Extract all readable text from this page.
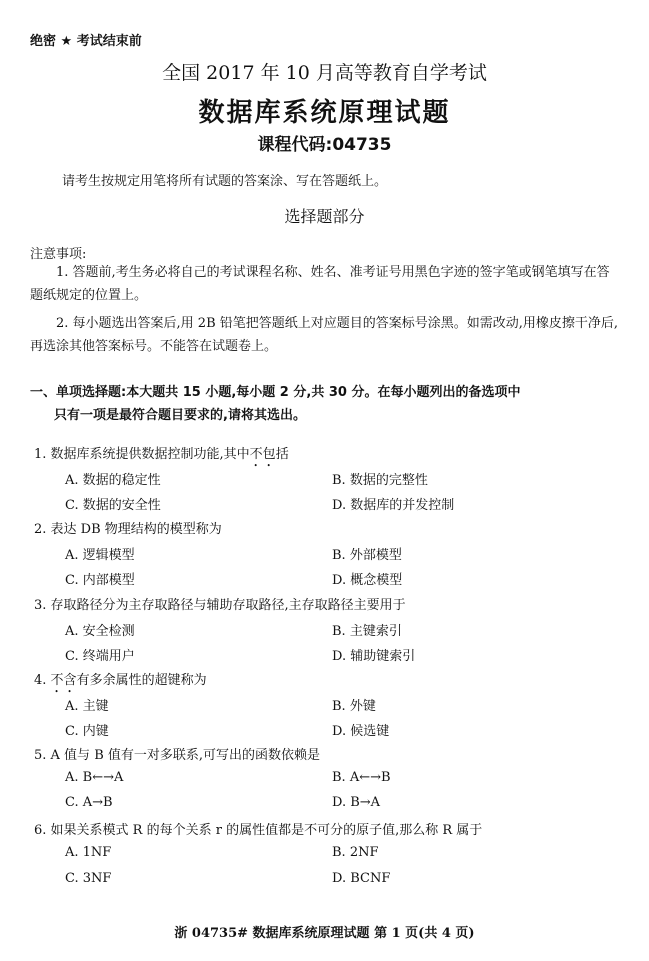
绝密 ★ 考试结束前
全国 2017 年 10 月高等教育自学考试
数据库系统原理试题
课程代码:04735
请考生按规定用笔将所有试题的答案涂、写在答题纸上。
选择题部分
注意事项:
1. 答题前,考生务必将自己的考试课程名称、姓名、准考证号用黑色字迹的签字笔或钢笔填写在答题纸规定的位置上。
2. 每小题选出答案后,用 2B 铅笔把答题纸上对应题目的答案标号涂黑。如需改动,用橡皮擦干净后,再选涂其他答案标号。不能答在试题卷上。
一、单项选择题:本大题共 15 小题,每小题 2 分,共 30 分。在每小题列出的备选项中
只有一项是最符合题目要求的,请将其选出。
1. 数据库系统提供数据控制功能,其中不包括
A. 数据的稳定性	B. 数据的完整性
C. 数据的安全性	D. 数据库的并发控制
2. 表达 DB 物理结构的模型称为
A. 逻辑模型	B. 外部模型
C. 内部模型	D. 概念模型
3. 存取路径分为主存取路径与辅助存取路径,主存取路径主要用于
A. 安全检测	B. 主键索引
C. 终端用户	D. 辅助键索引
4. 不含有多余属性的超键称为
A. 主键	B. 外键
C. 内键	D. 候选键
5. A 值与 B 值有一对多联系,可写出的函数依赖是
A. B←→A	B. A←→B
C. A→B	D. B→A
6. 如果关系模式 R 的每个关系 r 的属性值都是不可分的原子值,那么称 R 属于
A. 1NF	B. 2NF
C. 3NF	D. BCNF
浙 04735# 数据库系统原理试题 第 1 页(共 4 页)
